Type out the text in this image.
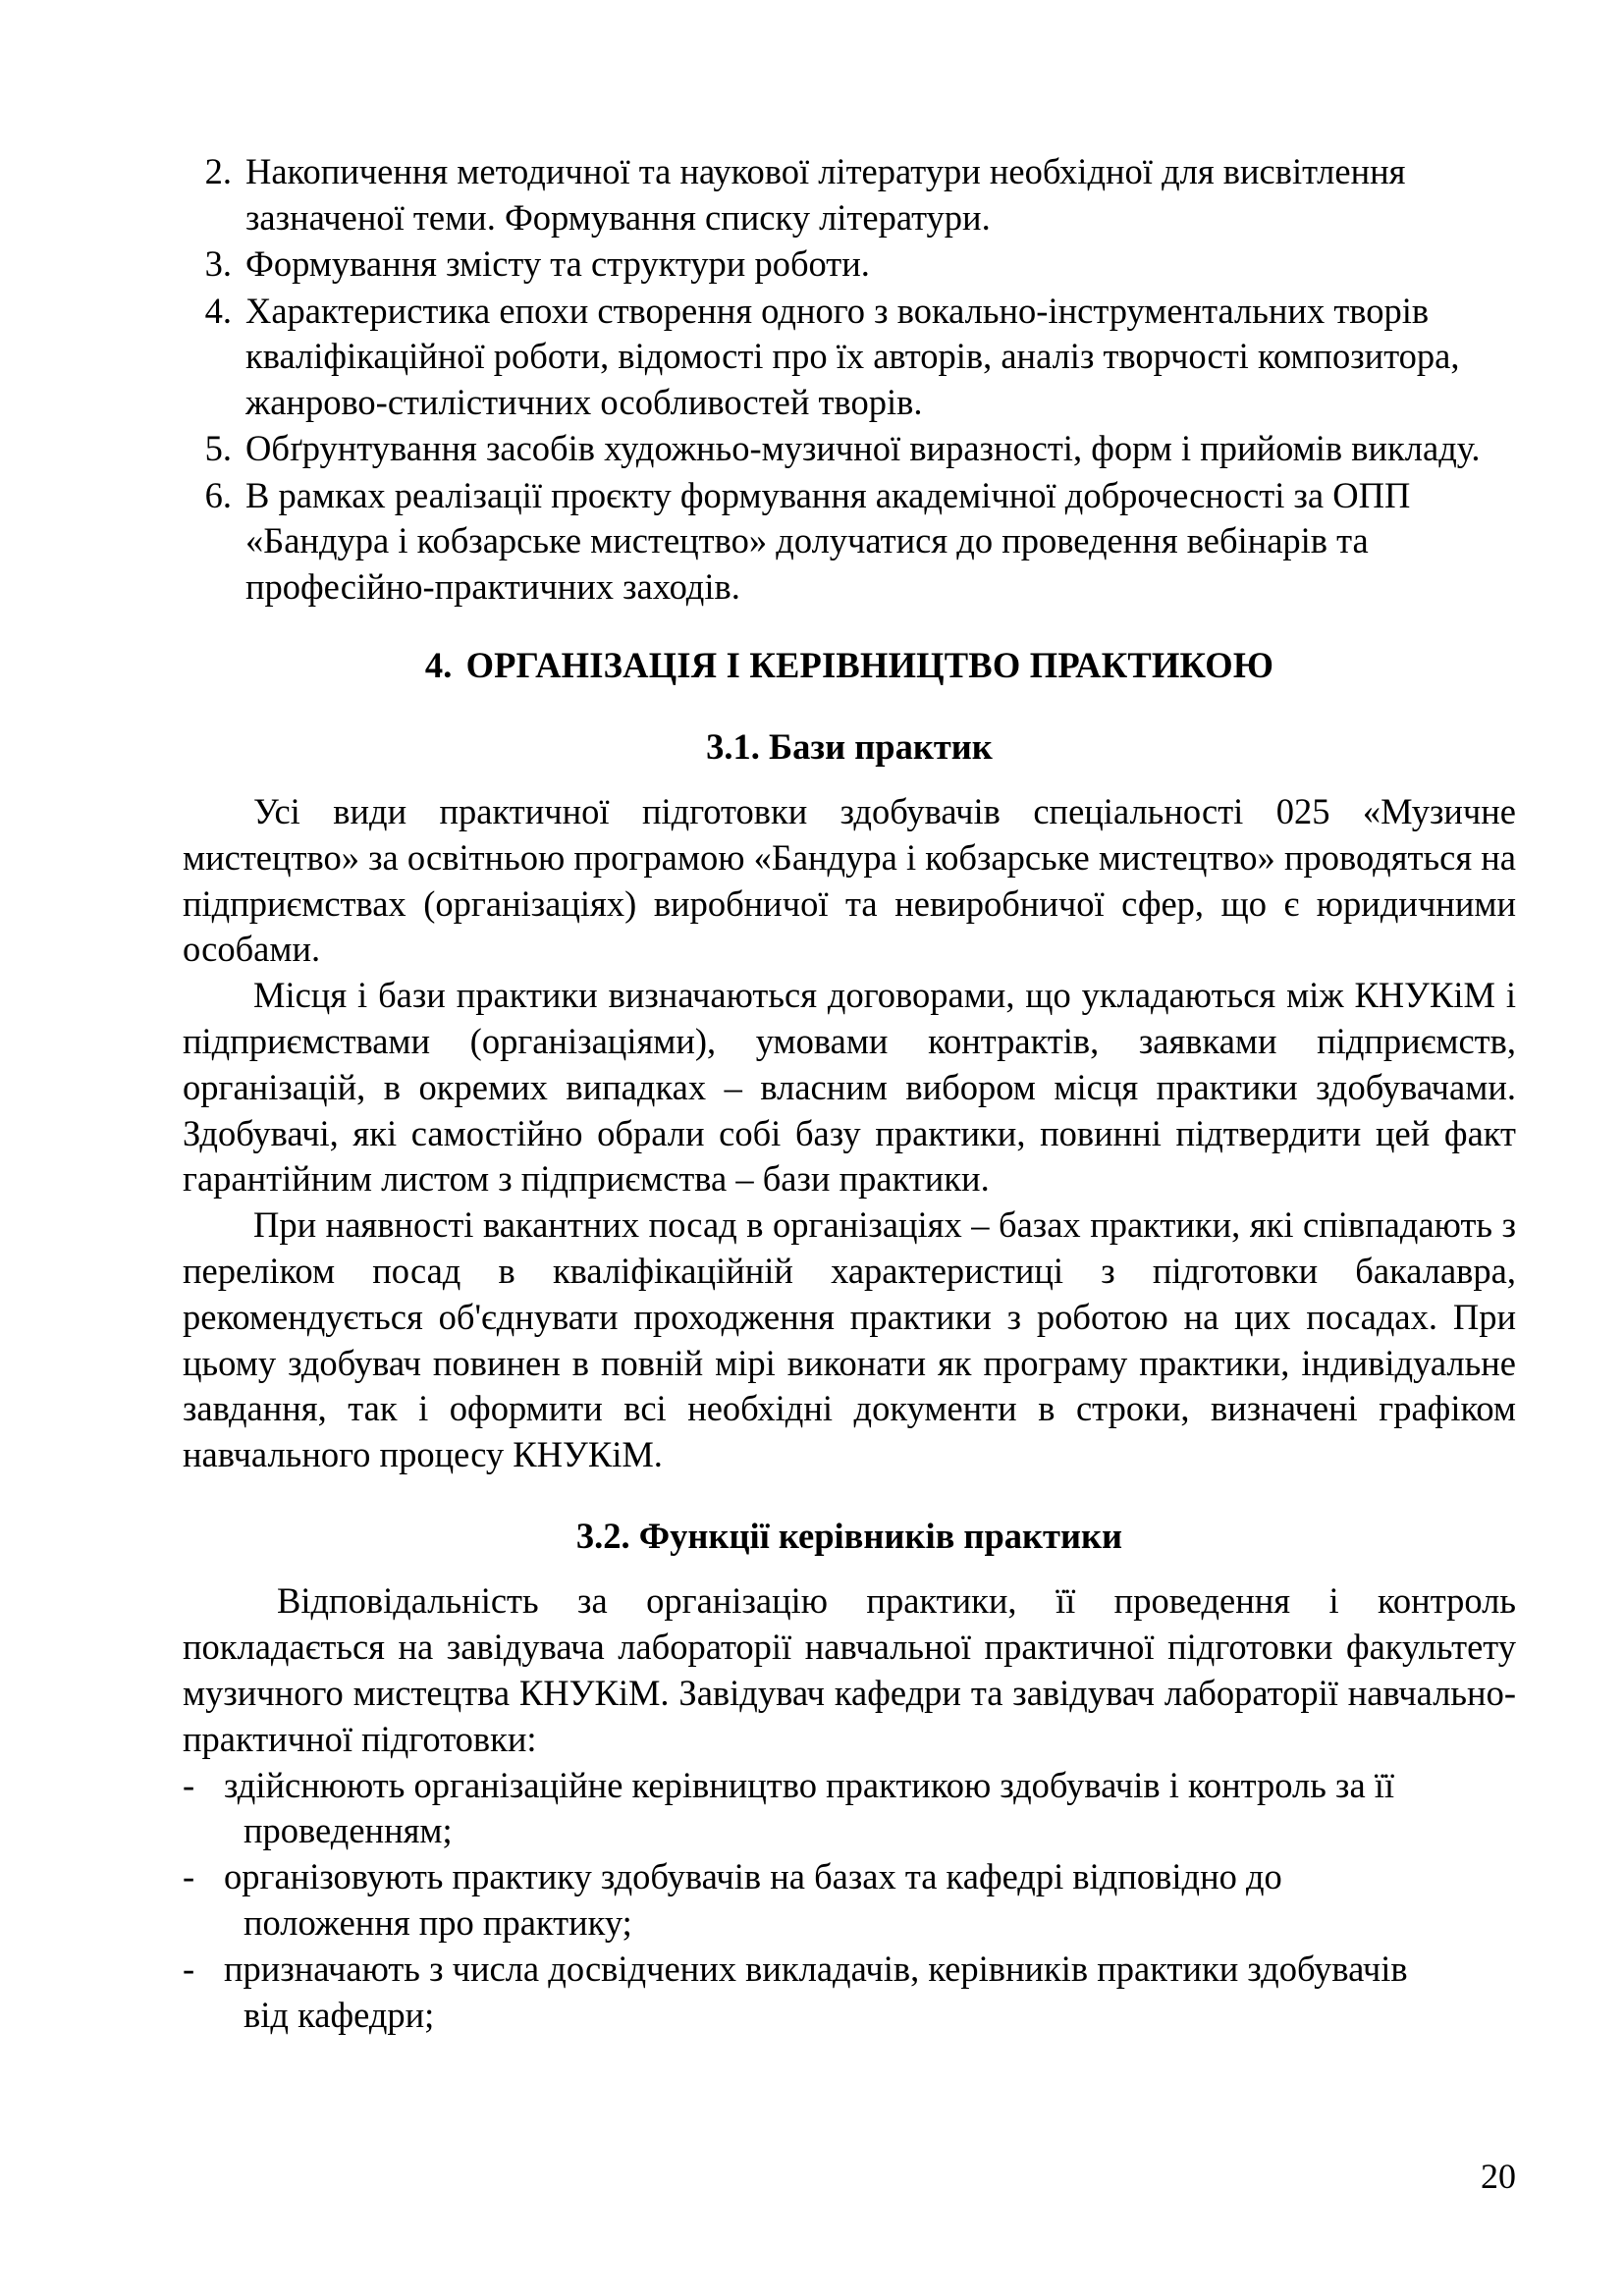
2. Накопичення методичної та наукової літератури необхідної для висвітлення зазначеної теми. Формування списку літератури.
3. Формування змісту та структури роботи.
4. Характеристика епохи створення одного з вокально-інструментальних творів кваліфікаційної роботи, відомості про їх авторів, аналіз творчості композитора, жанрово-стилістичних особливостей творів.
5. Обґрунтування засобів художньо-музичної виразності, форм і прийомів викладу.
6. В рамках реалізації проєкту формування академічної доброчесності за ОПП «Бандура і кобзарське мистецтво» долучатися до проведення вебінарів та професійно-практичних заходів.
4. ОРГАНІЗАЦІЯ І КЕРІВНИЦТВО ПРАКТИКОЮ
3.1. Бази практик

Усі види практичної підготовки здобувачів спеціальності 025 «Музичне мистецтво» за освітньою програмою «Бандура і кобзарське мистецтво» проводяться на підприємствах (організаціях) виробничої та невиробничої сфер, що є юридичними особами.

Місця і бази практики визначаються договорами, що укладаються між КНУКіМ і підприємствами (організаціями), умовами контрактів, заявками підприємств, організацій, в окремих випадках – власним вибором місця практики здобувачами. Здобувачі, які самостійно обрали собі базу практики, повинні підтвердити цей факт гарантійним листом з підприємства – бази практики.

При наявності вакантних посад в організаціях – базах практики, які співпадають з переліком посад в кваліфікаційній характеристиці з підготовки бакалавра, рекомендується об'єднувати проходження практики з роботою на цих посадах. При цьому здобувач повинен в повній мірі виконати як програму практики, індивідуальне завдання, так і оформити всі необхідні документи в строки, визначені графіком навчального процесу КНУКіМ.

3.2. Функції керівників практики

Відповідальність за організацію практики, її проведення і контроль покладається на завідувача лабораторії навчальної практичної підготовки факультету музичного мистецтва КНУКіМ. Завідувач кафедри та завідувач лабораторії навчально-практичної підготовки:

- здійснюють організаційне керівництво практикою здобувачів і контроль за її
проведенням;
- організовують практику здобувачів на базах та кафедрі відповідно до
положення про практику;
- призначають з числа досвідчених викладачів, керівників практики здобувачів
від кафедри;
20
